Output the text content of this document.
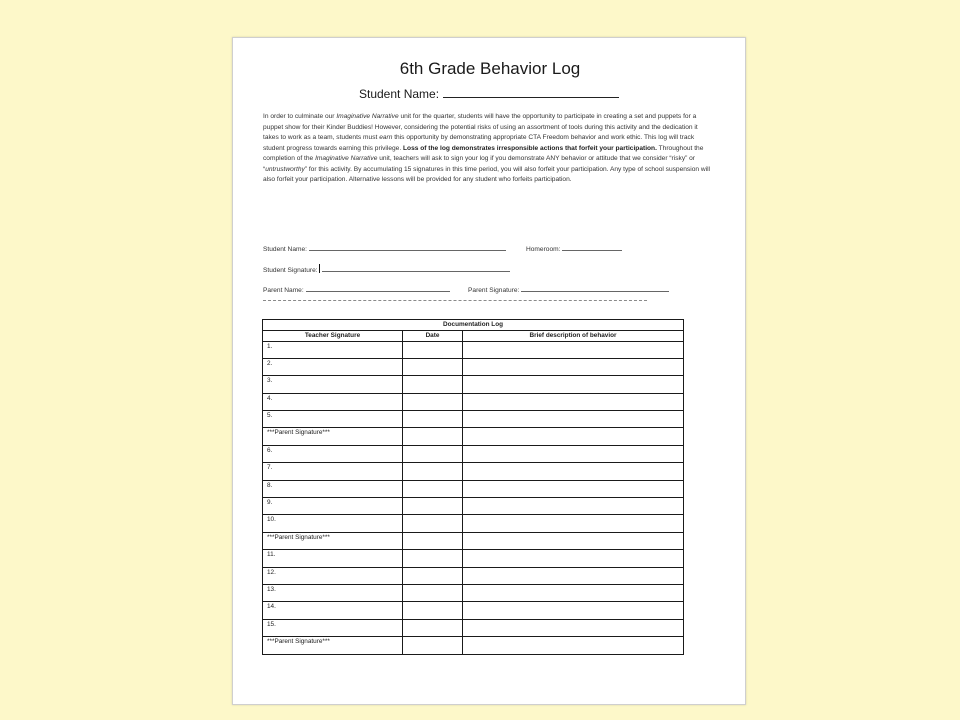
6th Grade Behavior Log
Student Name:
In order to culminate our Imaginative Narrative unit for the quarter, students will have the opportunity to participate in creating a set and puppets for a puppet show for their Kinder Buddies! However, considering the potential risks of using an assortment of tools during this activity and the dedication it takes to work as a team, students must earn this opportunity by demonstrating appropriate CTA Freedom behavior and work ethic. This log will track student progress towards earning this privilege. Loss of the log demonstrates irresponsible actions that forfeit your participation. Throughout the completion of the Imaginative Narrative unit, teachers will ask to sign your log if you demonstrate ANY behavior or attitude that we consider “risky” or “untrustworthy” for this activity. By accumulating 15 signatures in this time period, you will also forfeit your participation. Any type of school suspension will also forfeit your participation. Alternative lessons will be provided for any student who forfeits participation.
Student Name:	Homeroom:
Student Signature:
Parent Name:	Parent Signature:
Documentation Log		
Teacher Signature	Date	Brief description of behavior
1.		
2.		
3.		
4.		
5.		
***Parent Signature***		
6.		
7.		
8.		
9.		
10.		
***Parent Signature***		
11.		
12.		
13.		
14.		
15.		
***Parent Signature***		
